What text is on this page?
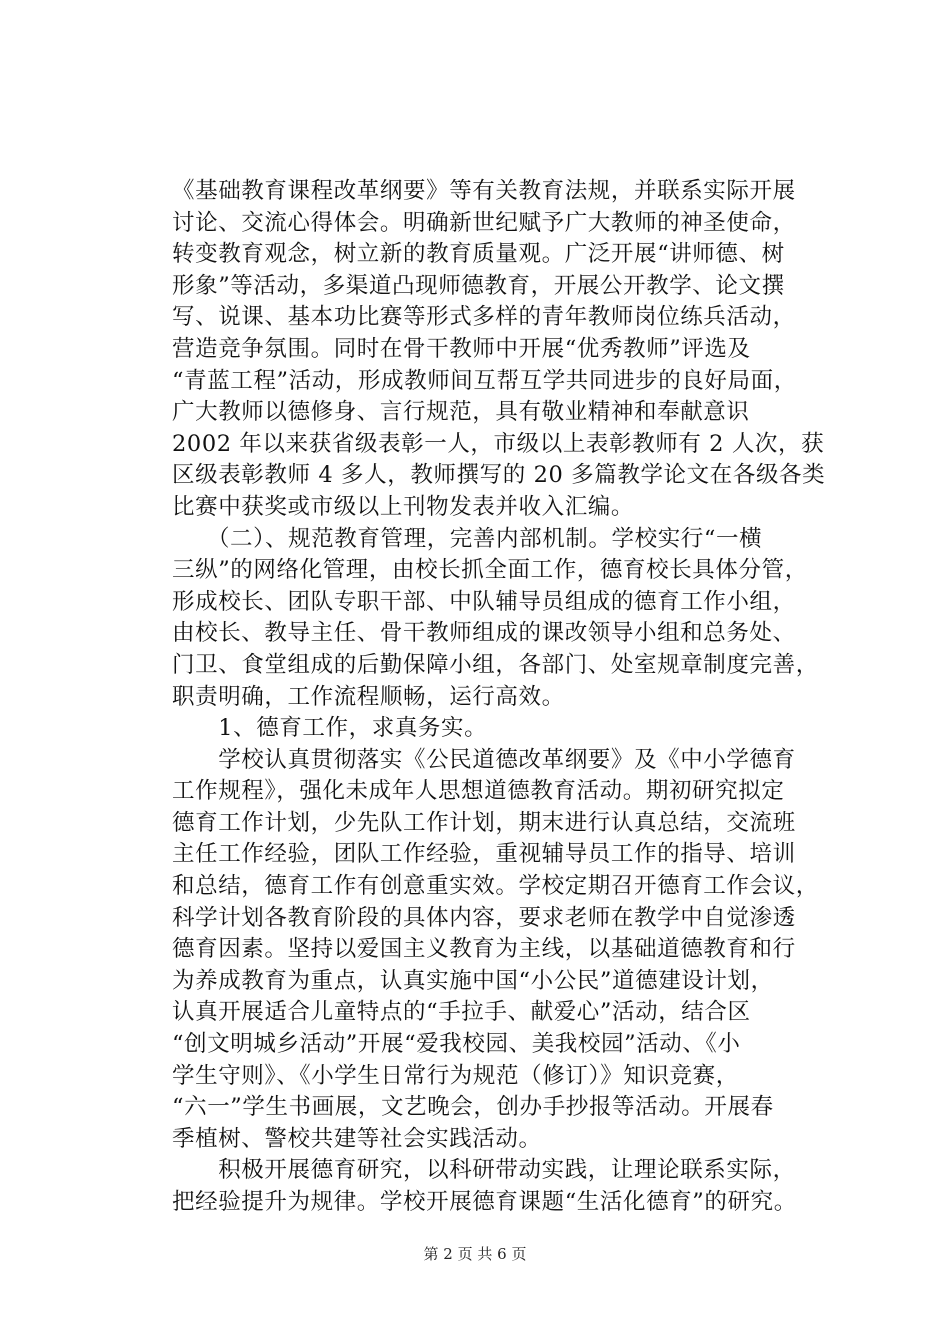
《基础教育课程改革纲要》等有关教育法规，并联系实际开展
讨论、交流心得体会。明确新世纪赋予广大教师的神圣使命，
转变教育观念，树立新的教育质量观。广泛开展“讲师德、树
形象”等活动，多渠道凸现师德教育，开展公开教学、论文撰
写、说课、基本功比赛等形式多样的青年教师岗位练兵活动，
营造竞争氛围。同时在骨干教师中开展“优秀教师”评选及
“青蓝工程”活动，形成教师间互帮互学共同进步的良好局面，
广大教师以德修身、言行规范，具有敬业精神和奉献意识
2002 年以来获省级表彰一人，市级以上表彰教师有 2 人次，获
区级表彰教师 4 多人，教师撰写的 20 多篇教学论文在各级各类
比赛中获奖或市级以上刊物发表并收入汇编。
　　（二）、规范教育管理，完善内部机制。学校实行“一横
三纵”的网络化管理，由校长抓全面工作，德育校长具体分管，
形成校长、团队专职干部、中队辅导员组成的德育工作小组，
由校长、教导主任、骨干教师组成的课改领导小组和总务处、
门卫、食堂组成的后勤保障小组，各部门、处室规章制度完善，
职责明确，工作流程顺畅，运行高效。
　　1、德育工作，求真务实。
　　学校认真贯彻落实《公民道德改革纲要》及《中小学德育
工作规程》，强化未成年人思想道德教育活动。期初研究拟定
德育工作计划，少先队工作计划，期末进行认真总结，交流班
主任工作经验，团队工作经验，重视辅导员工作的指导、培训
和总结，德育工作有创意重实效。学校定期召开德育工作会议，
科学计划各教育阶段的具体内容，要求老师在教学中自觉渗透
德育因素。坚持以爱国主义教育为主线，以基础道德教育和行
为养成教育为重点，认真实施中国“小公民”道德建设计划，
认真开展适合儿童特点的“手拉手、献爱心”活动，结合区
“创文明城乡活动”开展“爱我校园、美我校园”活动、《小
学生守则》、《小学生日常行为规范（修订）》知识竞赛，
“六一”学生书画展，文艺晚会，创办手抄报等活动。开展春
季植树、警校共建等社会实践活动。
　　积极开展德育研究，以科研带动实践，让理论联系实际，
把经验提升为规律。学校开展德育课题“生活化德育”的研究。
第 2 页 共 6 页
